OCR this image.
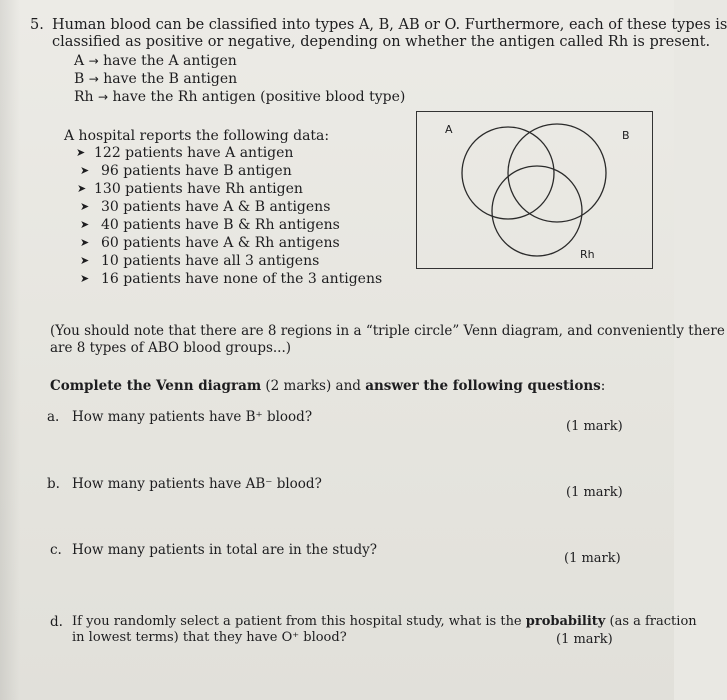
5. Human blood can be classified into types A, B, AB or O. Furthermore, each of these types is
classified as positive or negative, depending on whether the antigen called Rh is present.
A → have the A antigen
B → have the B antigen
Rh → have the Rh antigen (positive blood type)
A hospital reports the following data:
➤ 122 patients have A antigen
➤ 96 patients have B antigen
➤ 130 patients have Rh antigen
➤ 30 patients have A & B antigens
➤ 40 patients have B & Rh antigens
➤ 60 patients have A & Rh antigens
➤ 10 patients have all 3 antigens
➤ 16 patients have none of the 3 antigens
A	B
Rh
(You should note that there are 8 regions in a “triple circle” Venn diagram, and conveniently there
are 8 types of ABO blood groups...)
Complete the Venn diagram (2 marks) and answer the following questions:
a. How many patients have B⁺ blood?
(1 mark)
b. How many patients have AB⁻ blood?
(1 mark)
c. How many patients in total are in the study?
(1 mark)
d. If you randomly select a patient from this hospital study, what is the probability (as a fraction
in lowest terms) that they have O⁺ blood?	(1 mark)
